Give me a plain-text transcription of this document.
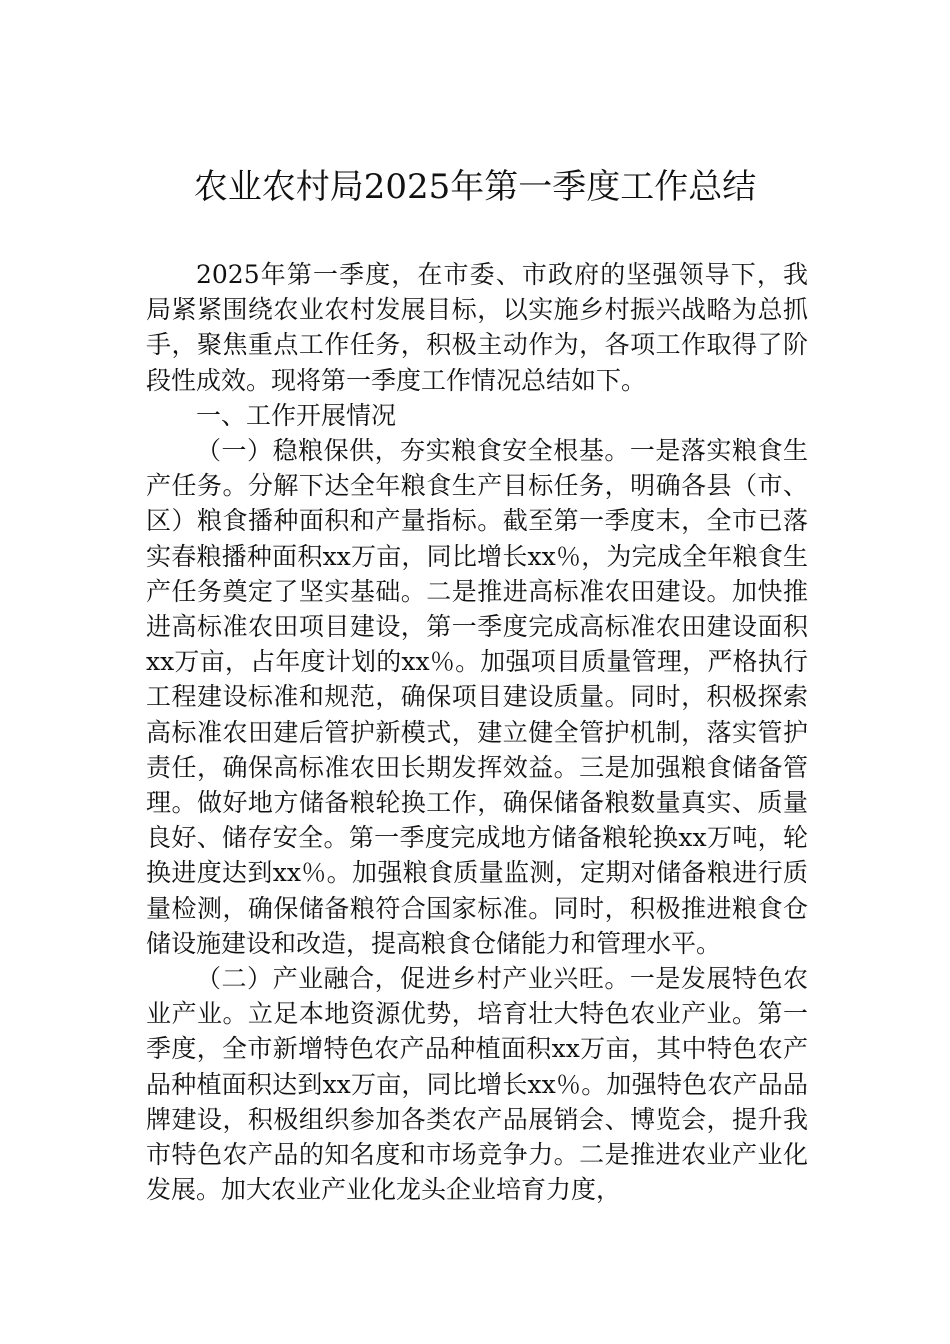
农业农村局2025年第一季度工作总结

2025年第一季度，在市委、市政府的坚强领导下，我局紧紧围绕农业农村发展目标，以实施乡村振兴战略为总抓手，聚焦重点工作任务，积极主动作为，各项工作取得了阶段性成效。现将第一季度工作情况总结如下。

一、工作开展情况

（一）稳粮保供，夯实粮食安全根基。一是落实粮食生产任务。分解下达全年粮食生产目标任务，明确各县（市、区）粮食播种面积和产量指标。截至第一季度末，全市已落实春粮播种面积xx万亩，同比增长xx％，为完成全年粮食生产任务奠定了坚实基础。二是推进高标准农田建设。加快推进高标准农田项目建设，第一季度完成高标准农田建设面积xx万亩，占年度计划的xx％。加强项目质量管理，严格执行工程建设标准和规范，确保项目建设质量。同时，积极探索高标准农田建后管护新模式，建立健全管护机制，落实管护责任，确保高标准农田长期发挥效益。三是加强粮食储备管理。做好地方储备粮轮换工作，确保储备粮数量真实、质量良好、储存安全。第一季度完成地方储备粮轮换xx万吨，轮换进度达到xx％。加强粮食质量监测，定期对储备粮进行质量检测，确保储备粮符合国家标准。同时，积极推进粮食仓储设施建设和改造，提高粮食仓储能力和管理水平。

（二）产业融合，促进乡村产业兴旺。一是发展特色农业产业。立足本地资源优势，培育壮大特色农业产业。第一季度，全市新增特色农产品种植面积xx万亩，其中特色农产品种植面积达到xx万亩，同比增长xx％。加强特色农产品品牌建设，积极组织参加各类农产品展销会、博览会，提升我市特色农产品的知名度和市场竞争力。二是推进农业产业化发展。加大农业产业化龙头企业培育力度，
